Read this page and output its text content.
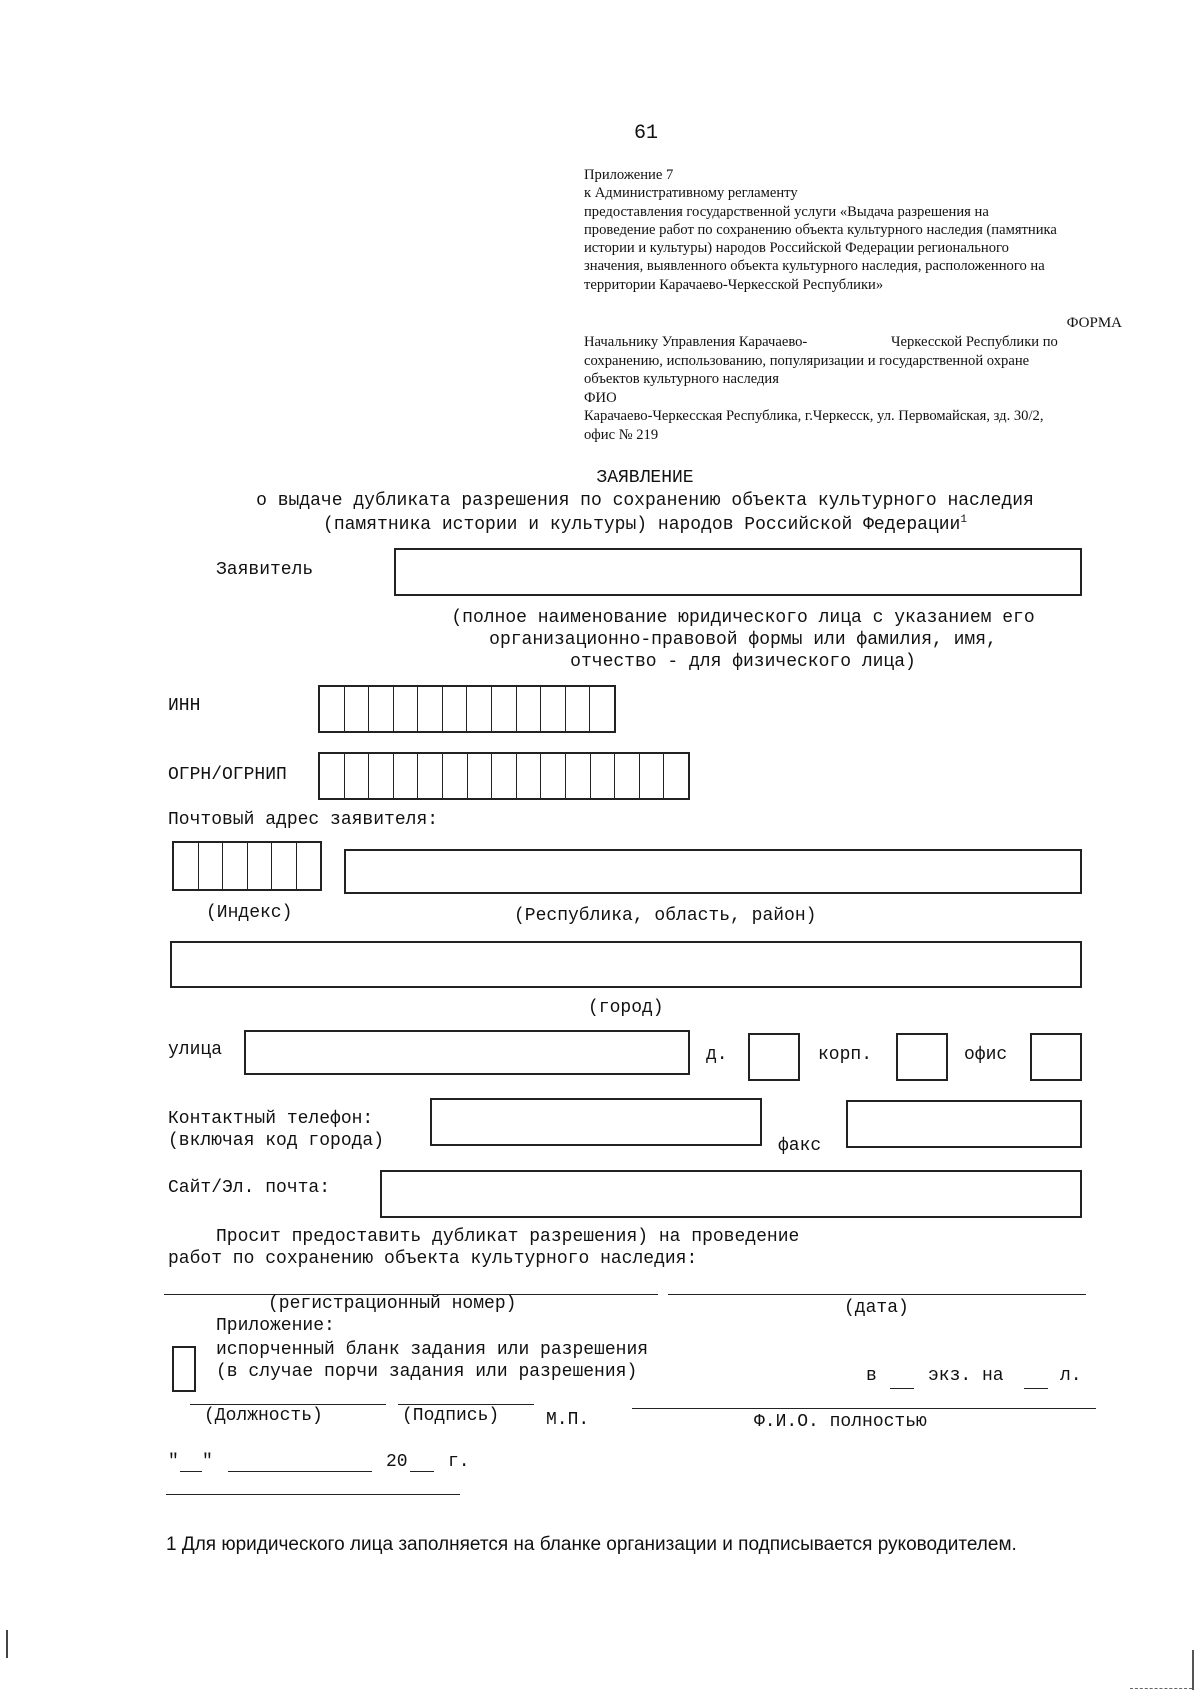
61
Приложение 7
к Административному регламенту
предоставления государственной услуги «Выдача разрешения на
проведение работ по сохранению объекта культурного наследия (памятника
истории и культуры) народов Российской Федерации регионального
значения, выявленного объекта культурного наследия, расположенного на
территории Карачаево-Черкесской Республики»
ФОРМА
Начальнику Управления Карачаево-	Черкесской Республики по
сохранению, использованию, популяризации и государственной охране
объектов культурного наследия
ФИО
Карачаево-Черкесская Республика, г.Черкесск, ул. Первомайская, зд. 30/2,
офис № 219
ЗАЯВЛЕНИЕ
о выдаче дубликата разрешения по сохранению объекта культурного наследия
(памятника истории и культуры) народов Российской Федерации$^1$
Заявитель
(полное наименование юридического лица с указанием его
организационно-правовой формы или фамилия, имя,
отчество - для физического лица)
ИНН
ОГРН/ОГРНИП
Почтовый адрес заявителя:
(Индекс)	(Республика, область, район)
(город)
улица	д.	корп.	офис
Контактный телефон:
(включая код города)	факс
Сайт/Эл. почта:
Просит предоставить дубликат разрешения) на проведение
работ по сохранению объекта культурного наследия:
(регистрационный номер)	(дата)
Приложение:
испорченный бланк задания или разрешения
(в случае порчи задания или разрешения)	в	экз. на	л.
(Должность)	(Подпись)	М.П.	Ф.И.О. полностью
" "	20 г.
1 Для юридического лица заполняется на бланке организации и подписывается руководителем.
